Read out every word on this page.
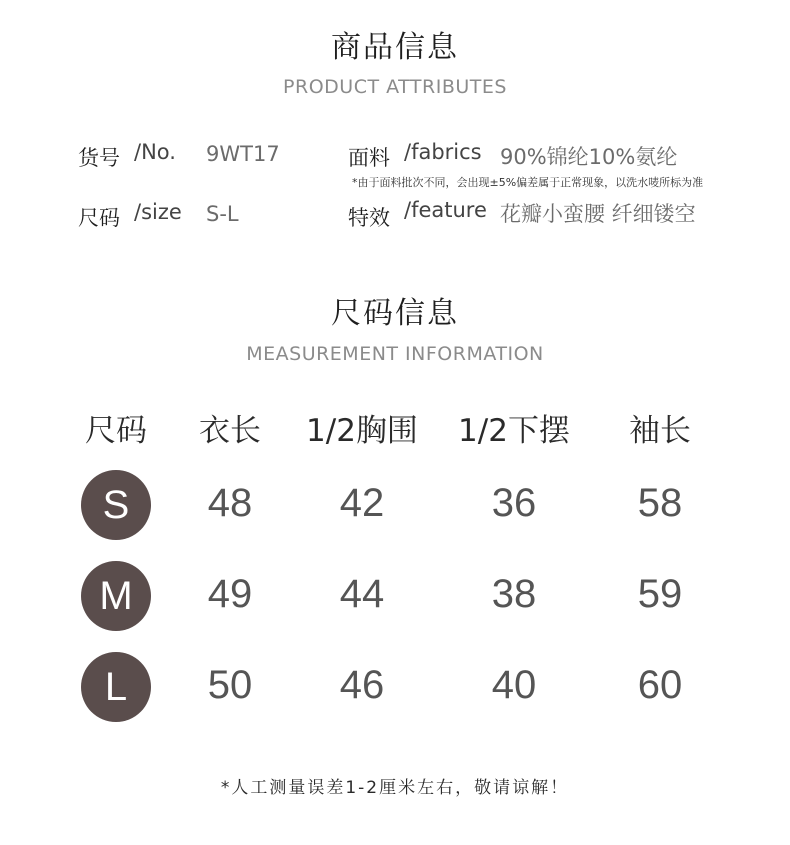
商品信息
PRODUCT ATTRIBUTES
货号 /No. 9WT17
尺码 /size S-L
面料 /fabrics 90%锦纶10%氨纶
*由于面料批次不同，会出现±5%偏差属于正常现象，以洗水唛所标为准
特效 /feature 花瓣小蛮腰 纤细镂空
尺码信息
MEASUREMENT INFORMATION
尺码	衣长	1/2胸围	1/2下摆	袖长
S	48	42	36	58
M	49	44	38	59
L	50	46	40	60
*人工测量误差1-2厘米左右，敬请谅解！
